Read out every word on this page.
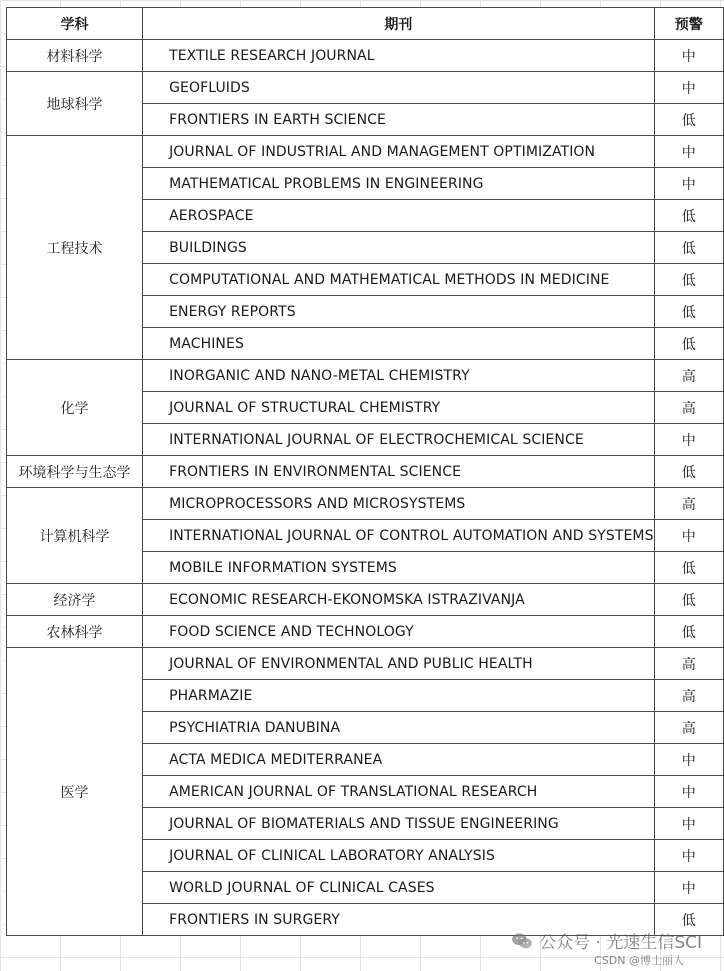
学科	期刊	预警
材料科学	TEXTILE RESEARCH JOURNAL	中
地球科学	GEOFLUIDS	中
	FRONTIERS IN EARTH SCIENCE	低
工程技术	JOURNAL OF INDUSTRIAL AND MANAGEMENT OPTIMIZATION	中
	MATHEMATICAL PROBLEMS IN ENGINEERING	中
	AEROSPACE	低
	BUILDINGS	低
	COMPUTATIONAL AND MATHEMATICAL METHODS IN MEDICINE	低
	ENERGY REPORTS	低
	MACHINES	低
化学	INORGANIC AND NANO-METAL CHEMISTRY	高
	JOURNAL OF STRUCTURAL CHEMISTRY	高
	INTERNATIONAL JOURNAL OF ELECTROCHEMICAL SCIENCE	中
环境科学与生态学	FRONTIERS IN ENVIRONMENTAL SCIENCE	低
计算机科学	MICROPROCESSORS AND MICROSYSTEMS	高
	INTERNATIONAL JOURNAL OF CONTROL AUTOMATION AND SYSTEMS	中
	MOBILE INFORMATION SYSTEMS	低
经济学	ECONOMIC RESEARCH-EKONOMSKA ISTRAZIVANJA	低
农林科学	FOOD SCIENCE AND TECHNOLOGY	低
医学	JOURNAL OF ENVIRONMENTAL AND PUBLIC HEALTH	高
	PHARMAZIE	高
	PSYCHIATRIA DANUBINA	高
	ACTA MEDICA MEDITERRANEA	中
	AMERICAN JOURNAL OF TRANSLATIONAL RESEARCH	中
	JOURNAL OF BIOMATERIALS AND TISSUE ENGINEERING	中
	JOURNAL OF CLINICAL LABORATORY ANALYSIS	中
	WORLD JOURNAL OF CLINICAL CASES	中
	FRONTIERS IN SURGERY	低
公众号 · 光速生信SCI
CSDN @博士丽人
